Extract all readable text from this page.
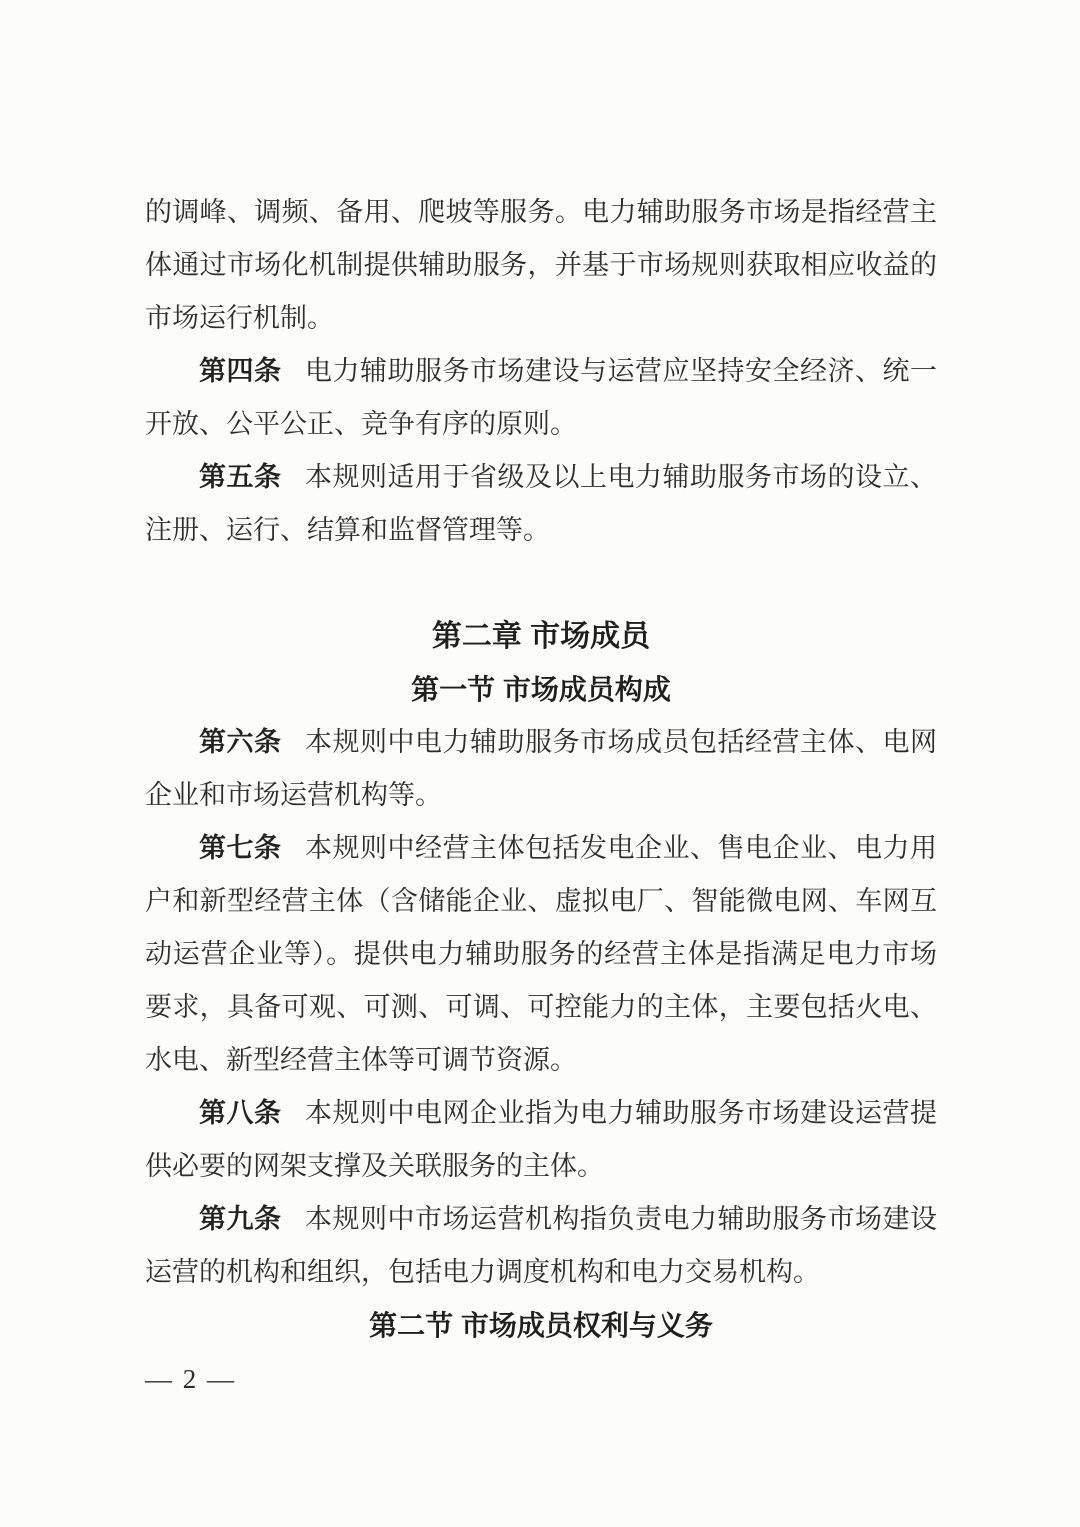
的调峰、调频、备用、爬坡等服务。电力辅助服务市场是指经营主体通过市场化机制提供辅助服务，并基于市场规则获取相应收益的市场运行机制。

第四条 电力辅助服务市场建设与运营应坚持安全经济、统一开放、公平公正、竞争有序的原则。

第五条 本规则适用于省级及以上电力辅助服务市场的设立、注册、运行、结算和监督管理等。

第二章 市场成员
第一节 市场成员构成

第六条 本规则中电力辅助服务市场成员包括经营主体、电网企业和市场运营机构等。

第七条 本规则中经营主体包括发电企业、售电企业、电力用户和新型经营主体（含储能企业、虚拟电厂、智能微电网、车网互动运营企业等）。提供电力辅助服务的经营主体是指满足电力市场要求，具备可观、可测、可调、可控能力的主体，主要包括火电、水电、新型经营主体等可调节资源。

第八条 本规则中电网企业指为电力辅助服务市场建设运营提供必要的网架支撑及关联服务的主体。

第九条 本规则中市场运营机构指负责电力辅助服务市场建设运营的机构和组织，包括电力调度机构和电力交易机构。

第二节 市场成员权利与义务
— 2 —
